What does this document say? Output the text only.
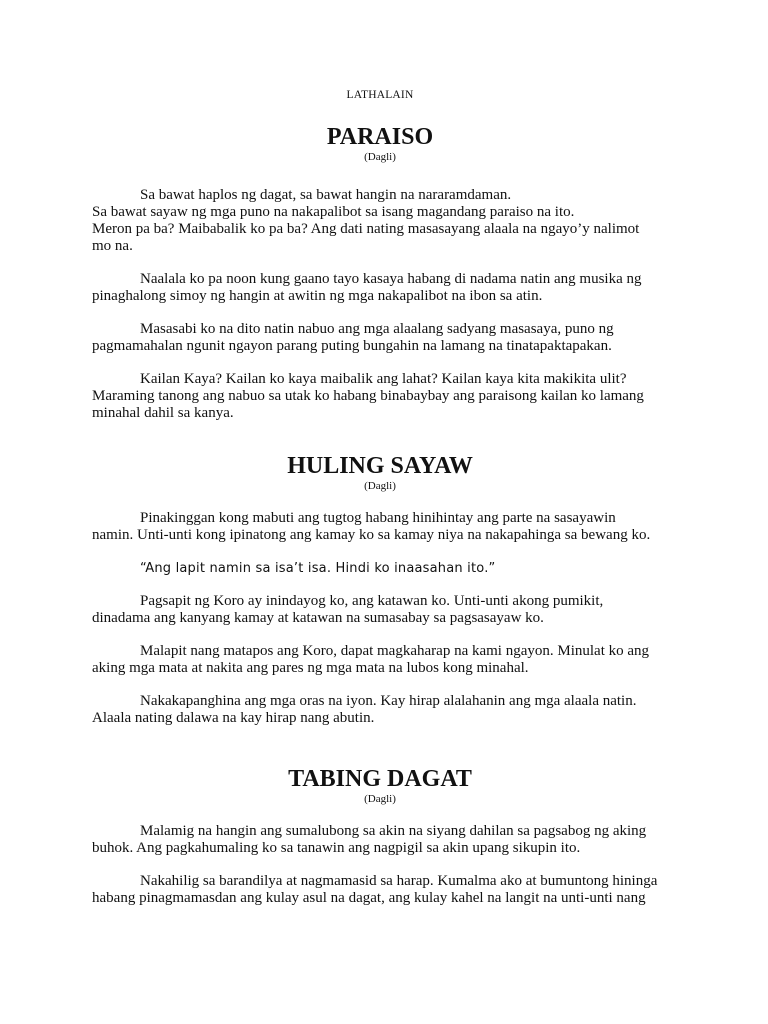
LATHALAIN
PARAISO
(Dagli)
Sa bawat haplos ng dagat, sa bawat hangin na nararamdaman.
Sa bawat sayaw ng mga puno na nakapalibot sa isang magandang paraiso na ito.
Meron pa ba? Maibabalik ko pa ba? Ang dati nating masasayang alaala na ngayo’y nalimot
mo na.
Naalala ko pa noon kung gaano tayo kasaya habang di nadama natin ang musika ng
pinaghalong simoy ng hangin at awitin ng mga nakapalibot na ibon sa atin.
Masasabi ko na dito natin nabuo ang mga alaalang sadyang masasaya, puno ng
pagmamahalan ngunit ngayon parang puting bungahin na lamang na tinatapaktapakan.
Kailan Kaya? Kailan ko kaya maibalik ang lahat? Kailan kaya kita makikita ulit?
Maraming tanong ang nabuo sa utak ko habang binabaybay ang paraisong kailan ko lamang
minahal dahil sa kanya.
HULING SAYAW
(Dagli)
Pinakinggan kong mabuti ang tugtog habang hinihintay ang parte na sasayawin
namin. Unti-unti kong ipinatong ang kamay ko sa kamay niya na nakapahinga sa bewang ko.
“Ang lapit namin sa isa’t isa. Hindi ko inaasahan ito.”
Pagsapit ng Koro ay inindayog ko, ang katawan ko. Unti-unti akong pumikit,
dinadama ang kanyang kamay at katawan na sumasabay sa pagsasayaw ko.
Malapit nang matapos ang Koro, dapat magkaharap na kami ngayon. Minulat ko ang
aking mga mata at nakita ang pares ng mga mata na lubos kong minahal.
Nakakapanghina ang mga oras na iyon. Kay hirap alalahanin ang mga alaala natin.
Alaala nating dalawa na kay hirap nang abutin.
TABING DAGAT
(Dagli)
Malamig na hangin ang sumalubong sa akin na siyang dahilan sa pagsabog ng aking
buhok. Ang pagkahumaling ko sa tanawin ang nagpigil sa akin upang sikupin ito.
Nakahilig sa barandilya at nagmamasid sa harap. Kumalma ako at bumuntong hininga
habang pinagmamasdan ang kulay asul na dagat, ang kulay kahel na langit na unti-unti nang
